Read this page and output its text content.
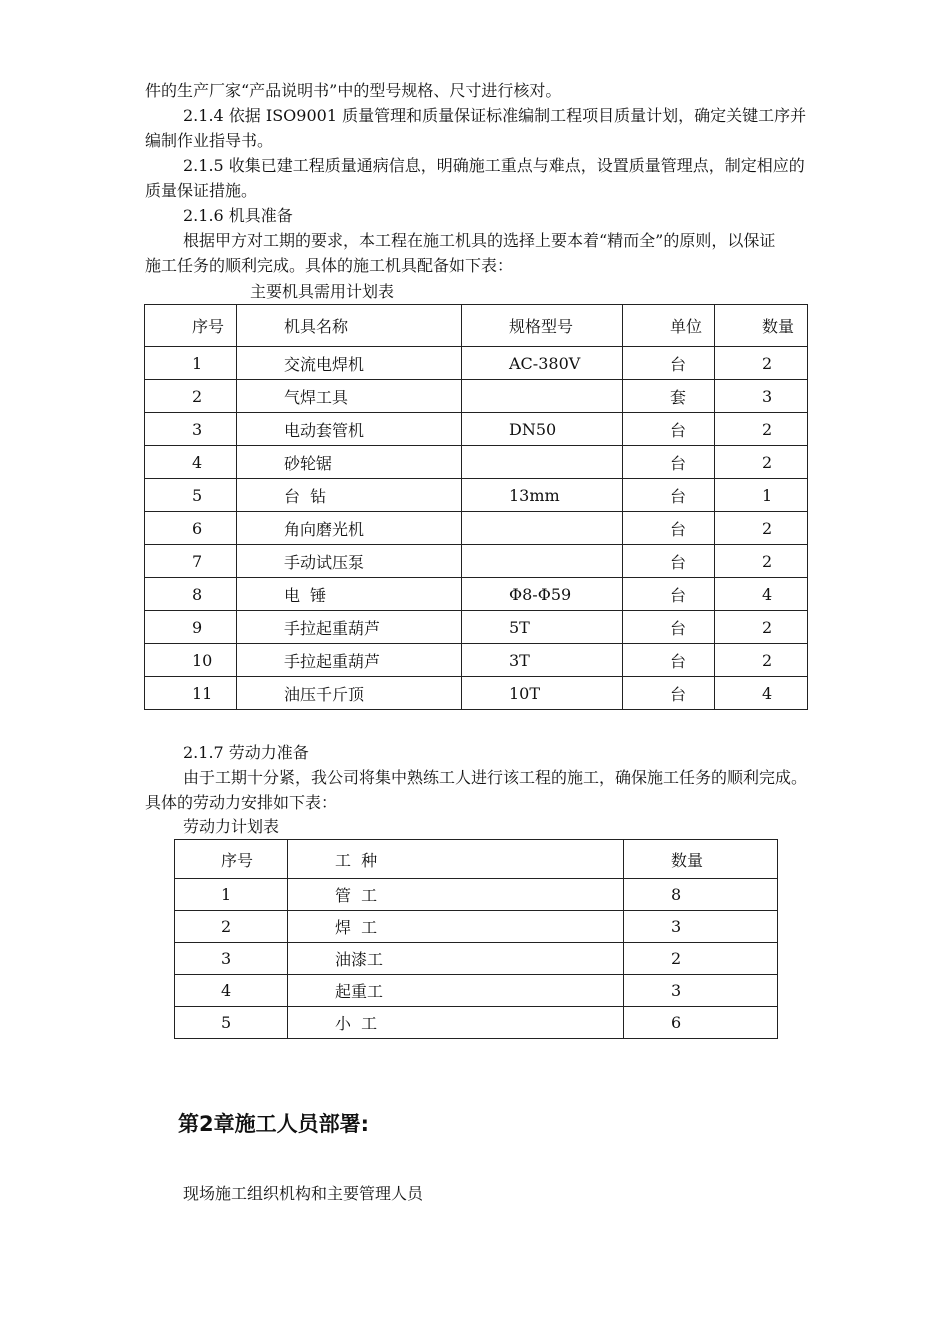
件的生产厂家“产品说明书”中的型号规格、尺寸进行核对。
2.1.4 依据 ISO9001 质量管理和质量保证标准编制工程项目质量计划，确定关键工序并
编制作业指导书。
2.1.5 收集已建工程质量通病信息，明确施工重点与难点，设置质量管理点，制定相应的
质量保证措施。
2.1.6 机具准备
根据甲方对工期的要求，本工程在施工机具的选择上要本着“精而全”的原则，以保证
施工任务的顺利完成。具体的施工机具配备如下表：
主要机具需用计划表
序号	机具名称	规格型号	单位	数量
1	交流电焊机	AC-380V	台	2
2	气焊工具		套	3
3	电动套管机	DN50	台	2
4	砂轮锯		台	2
5	台  钻	13mm	台	1
6	角向磨光机		台	2
7	手动试压泵		台	2
8	电  锤	Φ8-Φ59	台	4
9	手拉起重葫芦	5T	台	2
10	手拉起重葫芦	3T	台	2
11	油压千斤顶	10T	台	4
2.1.7 劳动力准备
由于工期十分紧，我公司将集中熟练工人进行该工程的施工，确保施工任务的顺利完成。
具体的劳动力安排如下表：
劳动力计划表
序号	工  种	数量
1	管  工	8
2	焊  工	3
3	油漆工	2
4	起重工	3
5	小  工	6
第2章施工人员部署:
现场施工组织机构和主要管理人员
